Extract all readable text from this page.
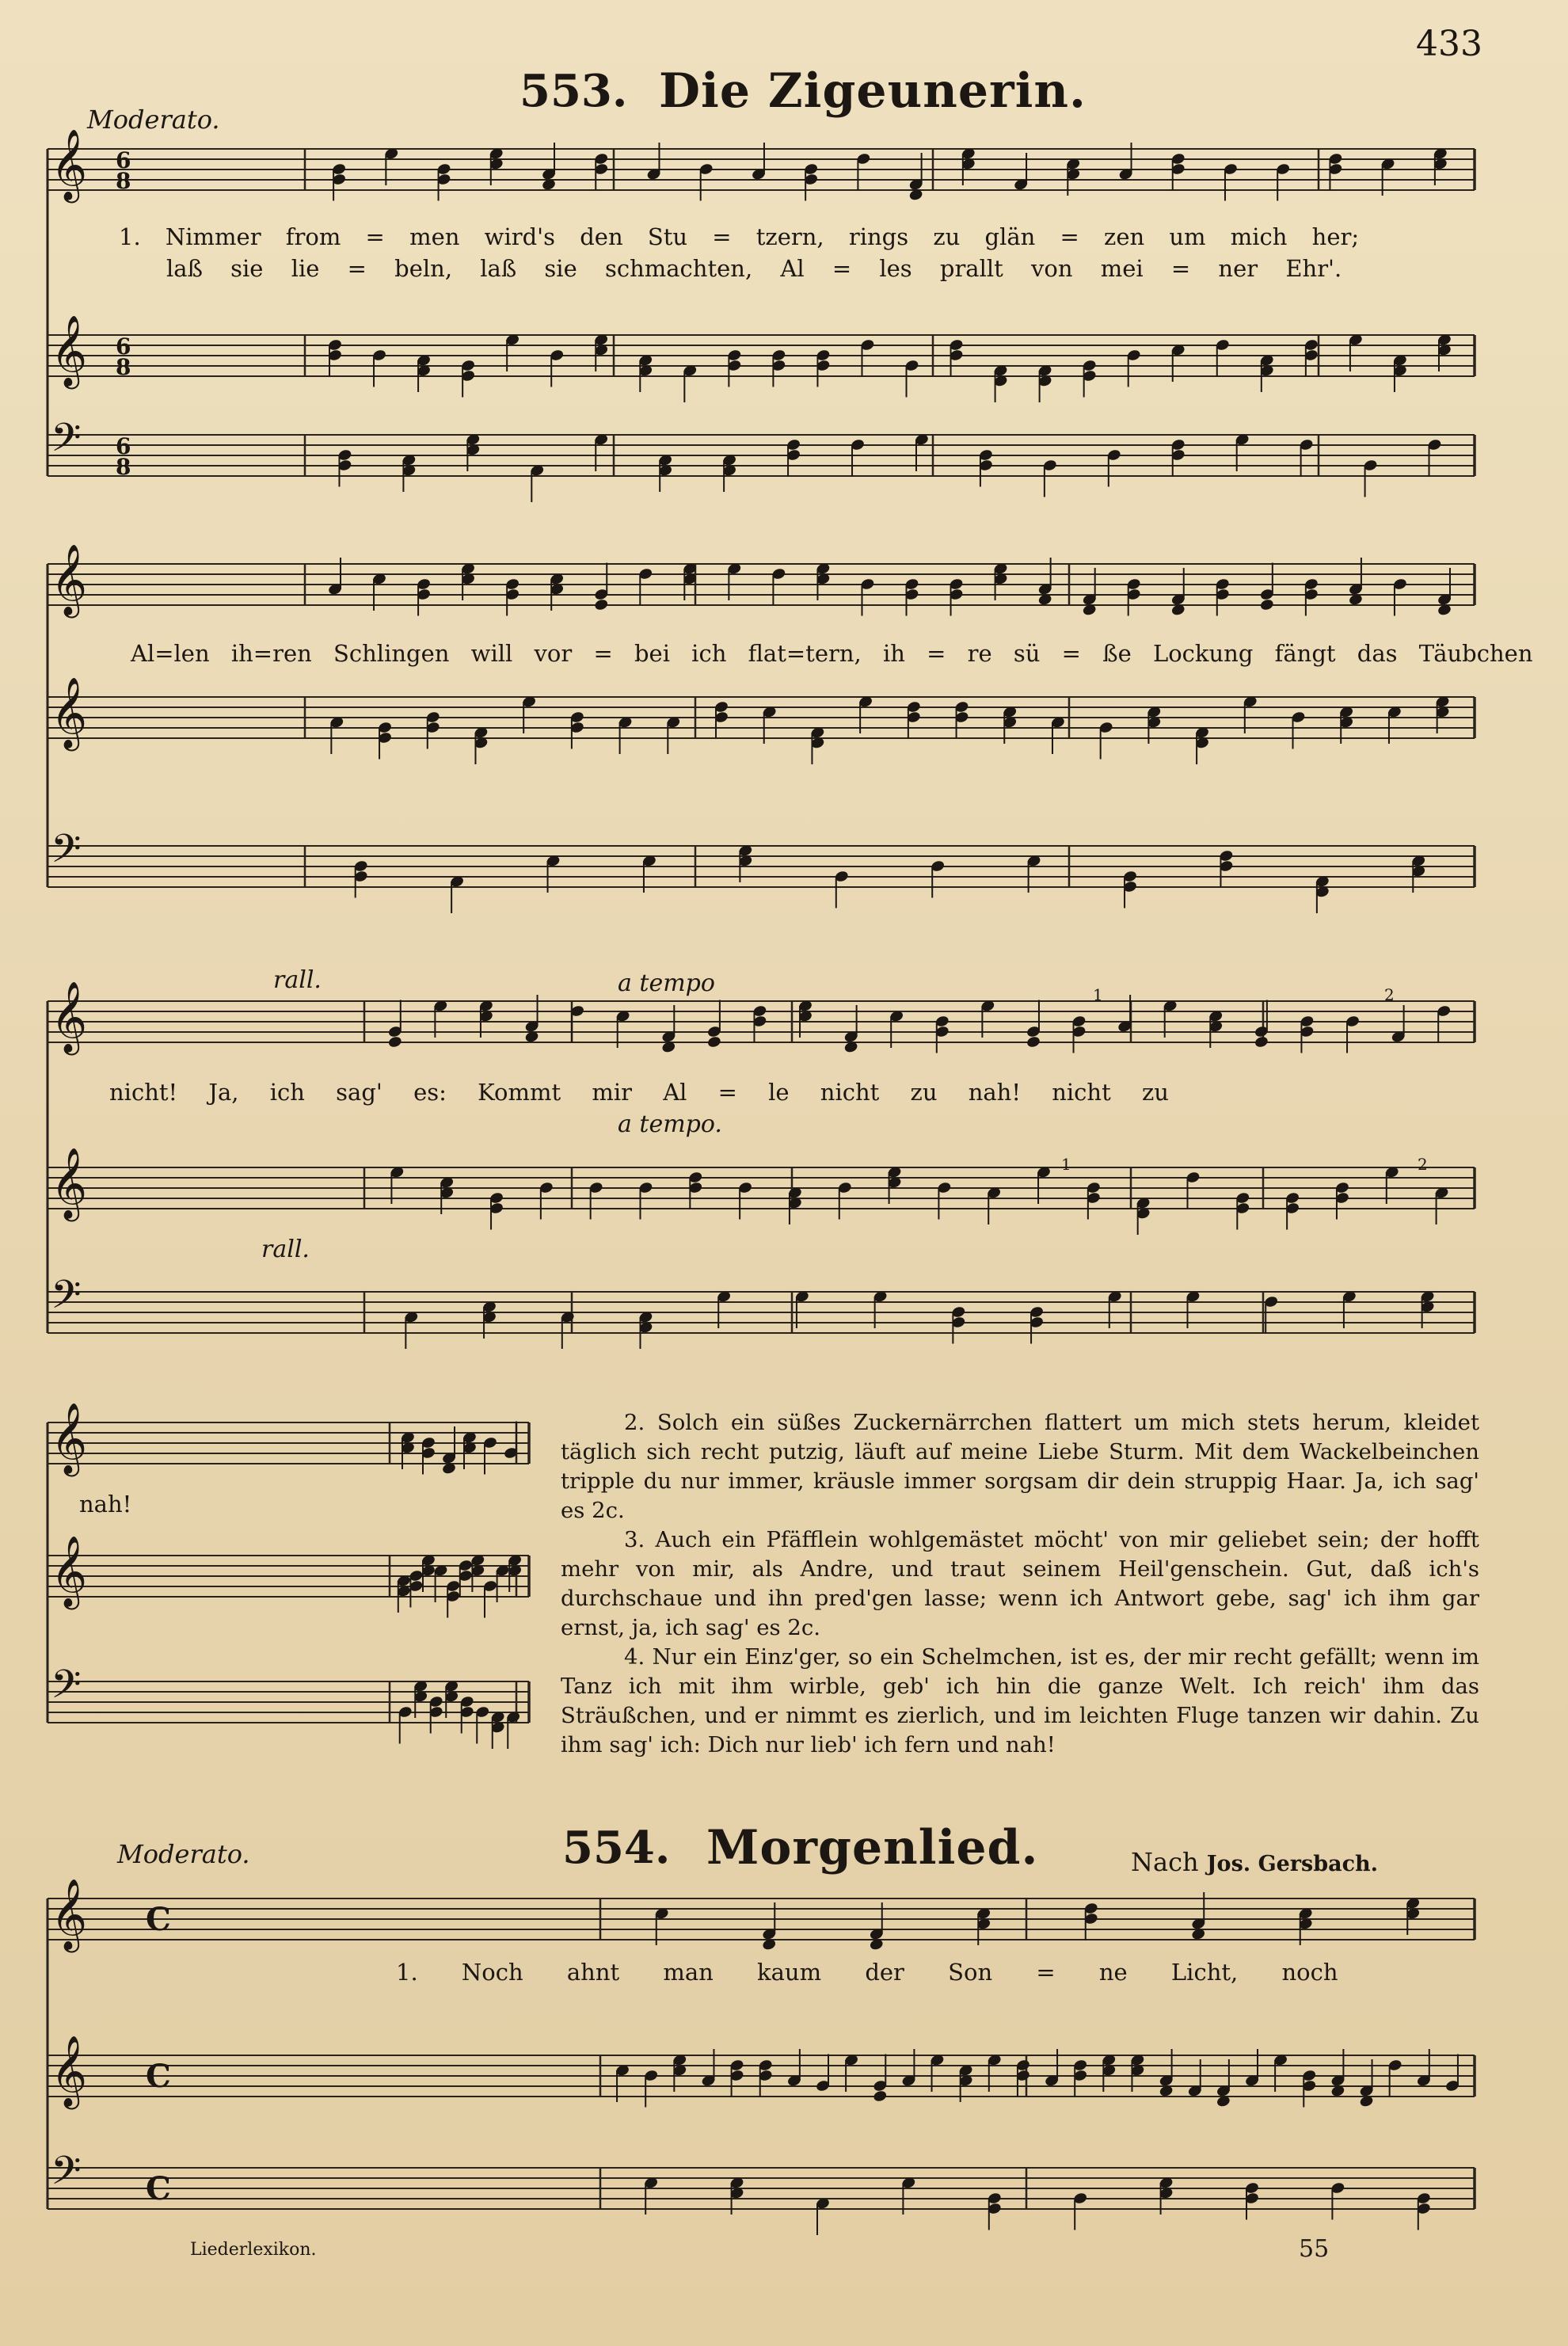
433
Moderato.
553. Die Zigeunerin.
𝄞
𝄞
𝄢
6
8
6
8
6
8
𝄞
𝄞
𝄢
𝄞
𝄞
𝄢
𝄞
𝄞
𝄢
𝄞
𝄞
𝄢
C
C
C
1. Nimmer from = men wird's den Stu = tzern, rings zu glän = zen um mich her;
laß sie lie = beln, laß sie schmachten, Al = les prallt von mei = ner Ehr'.
Al=len ih=ren Schlingen will vor = bei ich flat=tern, ih = re sü = ße Lockung fängt das Täubchen
nicht! Ja, ich sag' es: Kommt mir Al = le nicht zu nah! nicht zu
nah!
rall.	a tempo
a tempo.
rall.
1	2
1	2

2. Solch ein süßes Zuckernärrchen flattert um mich stets herum, kleidet täglich sich recht putzig, läuft auf meine Liebe Sturm. Mit dem Wackelbeinchen tripple du nur immer, kräusle immer sorgsam dir dein struppig Haar. Ja, ich sag' es 2c.

3. Auch ein Pfäfflein wohlgemästet möcht' von mir geliebet sein; der hofft mehr von mir, als Andre, und traut seinem Heil'genschein. Gut, daß ich's durchschaue und ihn pred'gen lasse; wenn ich Antwort gebe, sag' ich ihm gar ernst, ja, ich sag' es 2c.

4. Nur ein Einz'ger, so ein Schelmchen, ist es, der mir recht gefällt; wenn im Tanz ich mit ihm wirble, geb' ich hin die ganze Welt. Ich reich' ihm das Sträußchen, und er nimmt es zierlich, und im leichten Fluge tanzen wir dahin. Zu ihm sag' ich: Dich nur lieb' ich fern und nah!

Moderato.	554. Morgenlied.	Nach Jos. Gersbach.
1. Noch ahnt man kaum der Son = ne Licht, noch
Liederlexikon.	55
